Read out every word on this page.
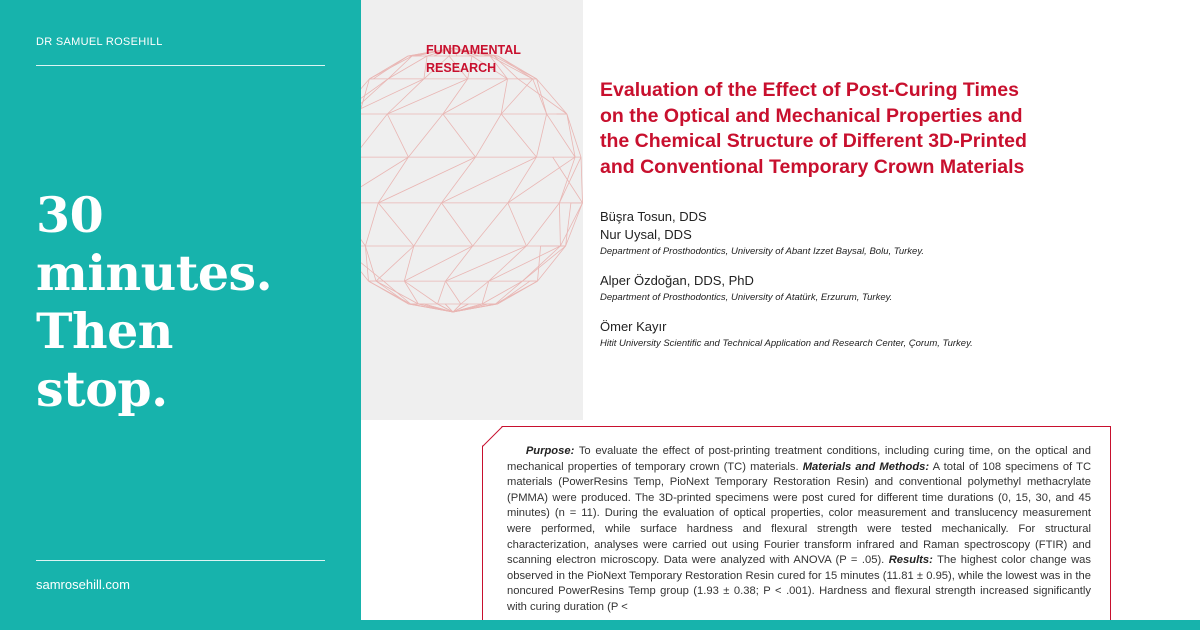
DR SAMUEL ROSEHILL
30
minutes.
Then
stop.
samrosehill.com
FUNDAMENTAL
RESEARCH
Evaluation of the Effect of Post-Curing Times
on the Optical and Mechanical Properties and
the Chemical Structure of Different 3D-Printed
and Conventional Temporary Crown Materials
Büşra Tosun, DDS
Nur Uysal, DDS
Department of Prosthodontics, University of Abant Izzet Baysal, Bolu, Turkey.
Alper Özdoğan, DDS, PhD
Department of Prosthodontics, University of Atatürk, Erzurum, Turkey.
Ömer Kayır
Hitit University Scientific and Technical Application and Research Center, Çorum, Turkey.
Purpose: To evaluate the effect of post-printing treatment conditions, including curing time, on the optical and mechanical properties of temporary crown (TC) materials. Materials and Methods: A total of 108 specimens of TC materials (PowerResins Temp, PioNext Temporary Restoration Resin) and conventional polymethyl methacrylate (PMMA) were produced. The 3D-printed specimens were post cured for different time durations (0, 15, 30, and 45 minutes) (n = 11). During the evaluation of optical properties, color measurement and translucency measurement were performed, while surface hardness and flexural strength were tested mechanically. For structural characterization, analyses were carried out using Fourier transform infrared and Raman spectroscopy (FTIR) and scanning electron microscopy. Data were analyzed with ANOVA (P = .05). Results: The highest color change was observed in the PioNext Temporary Restoration Resin cured for 15 minutes (11.81 ± 0.95), while the lowest was in the noncured PowerResins Temp group (1.93 ± 0.38; P < .001). Hardness and flexural strength increased significantly with curing duration (P <
